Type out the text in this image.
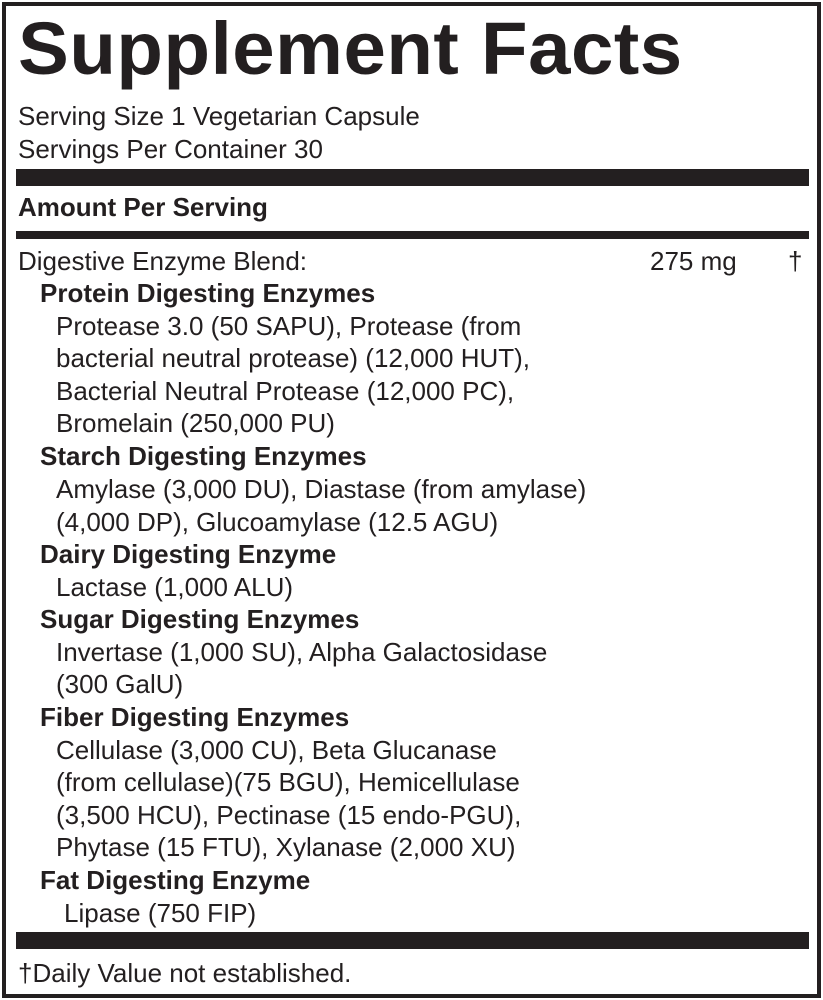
Supplement Facts
Serving Size 1 Vegetarian Capsule
Servings Per Container 30
Amount Per Serving
Digestive Enzyme Blend:	275 mg †
Protein Digesting Enzymes
Protease 3.0 (50 SAPU), Protease (from
bacterial neutral protease) (12,000 HUT),
Bacterial Neutral Protease (12,000 PC),
Bromelain (250,000 PU)
Starch Digesting Enzymes
Amylase (3,000 DU), Diastase (from amylase)
(4,000 DP), Glucoamylase (12.5 AGU)
Dairy Digesting Enzyme
Lactase (1,000 ALU)
Sugar Digesting Enzymes
Invertase (1,000 SU), Alpha Galactosidase
(300 GalU)
Fiber Digesting Enzymes
Cellulase (3,000 CU), Beta Glucanase
(from cellulase)(75 BGU), Hemicellulase
(3,500 HCU), Pectinase (15 endo-PGU),
Phytase (15 FTU), Xylanase (2,000 XU)
Fat Digesting Enzyme
Lipase (750 FIP)
†Daily Value not established.
